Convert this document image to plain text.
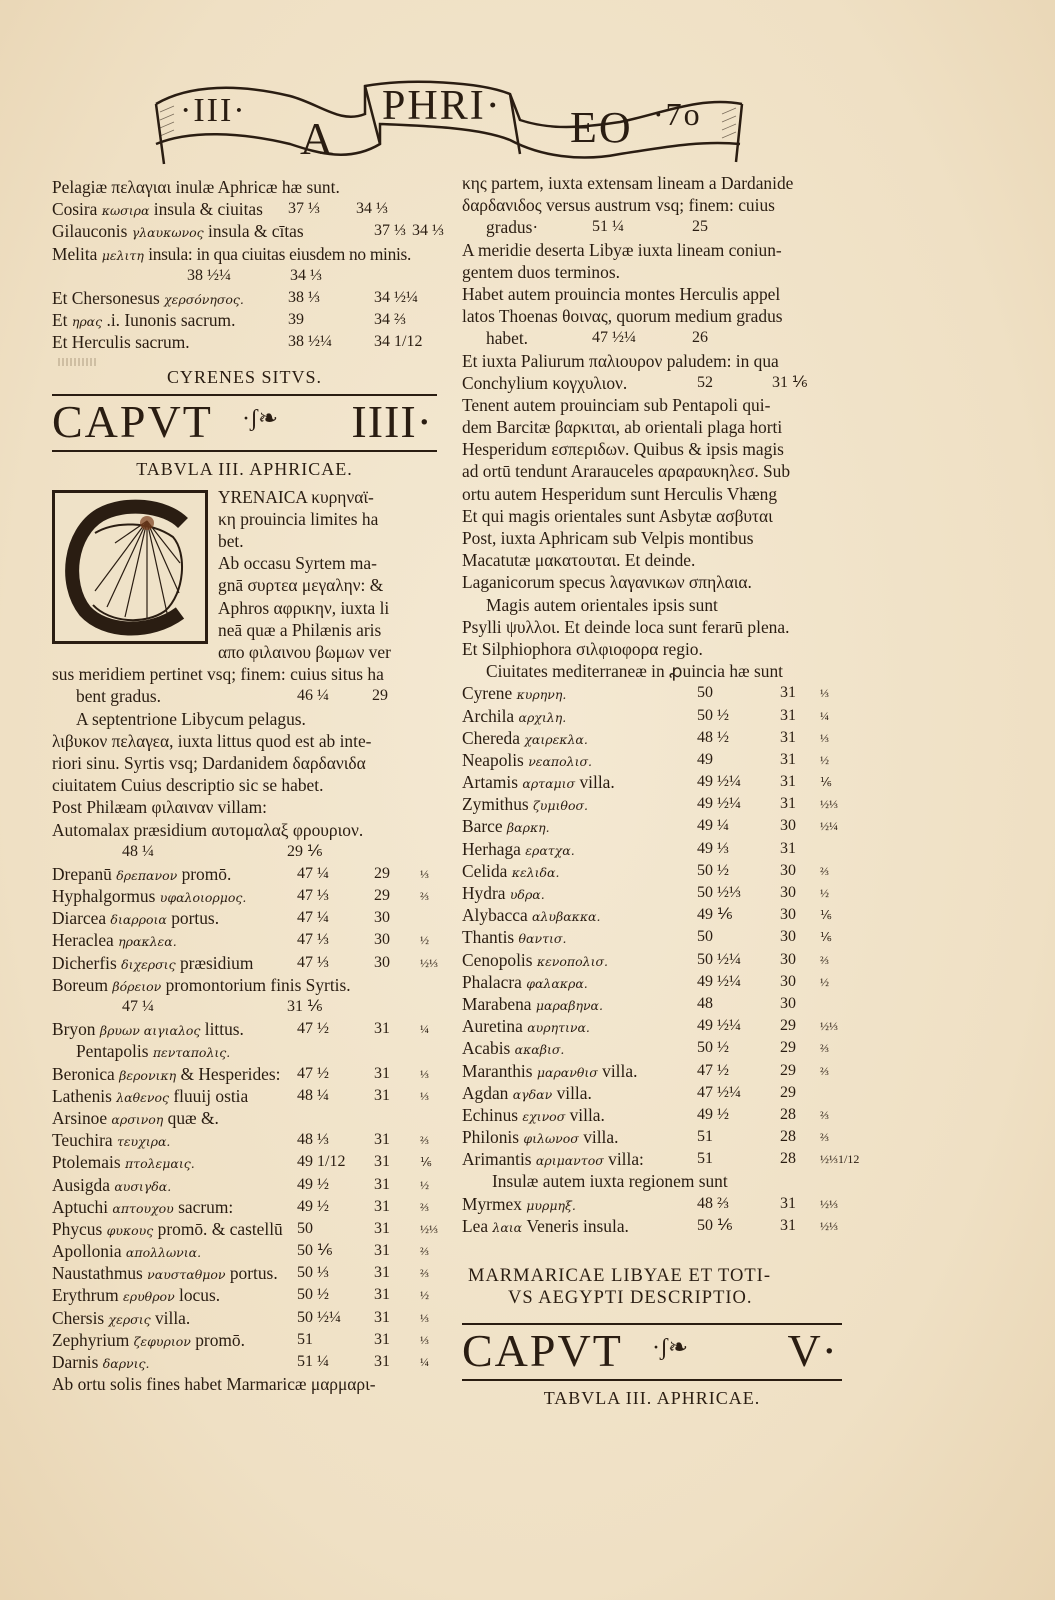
·III·
A
PHRI· EO ·7o
Pelagiæ πελαγιαι inulæ Aphricæ hæ sunt.
Cosira κωσιρα insula & ciuitas 37 ⅓ 34 ⅓
Gilauconis γλαυκωνος insula & cītas	37 ⅓ 34 ⅓
Melita μελιτη insula: in qua ciuitas eiusdem no minis.
38 ½¼	34 ⅓
Et Chersonesus χερσόνησος.	38 ⅓	34 ½¼
Et ηρας .i. Iunonis sacrum.	39	34 ⅔
Et Herculis sacrum.	38 ½¼	34 1/12
CYRENES SITVS.
CAPVT ·ʃ❧ IIII·
TABVLA III. APHRICAE.
YRENAICA κυρηναϊ-
κη prouincia limites ha
bet.
Ab occasu Syrtem ma-
gnā συρτεα μεγαλην: &
Aphros αφρικην, iuxta li
neā quæ a Philænis aris
απο φιλαινου βωμων ver
sus meridiem pertinet vsq; finem: cuius situs ha
bent gradus.	46 ¼	29
A septentrione Libycum pelagus.
λιβυκον πελαγεα, iuxta littus quod est ab inte-
riori sinu. Syrtis vsq; Dardanidem δαρδανιδα
ciuitatem Cuius descriptio sic se habet.
Post Philæam φιλαιναν villam:
Automalax præsidium αυτομαλαξ φρουριον.
48 ¼	29 ⅙
Drepanū δρεπανον promō.	47 ¼	29	⅓
Hyphalgormus υφαλοιορμος.	47 ⅓	29	⅔
Diarcea διαρροια portus.	47 ¼	30
Heraclea ηρακλεα.	47 ⅓	30	½
Dicherfis διχερσις præsidium	47 ⅓	30	½⅓
Boreum βόρειον promontorium finis Syrtis.
47 ¼	31 ⅙
Bryon βρυων αιγιαλος littus.	47 ½	31	¼
Pentapolis πενταπολις.
Beronica βερονικη & Hesperides: 47 ½	31	⅓
Lathenis λαθενος fluuij ostia	48 ¼	31	⅓
Arsinoe αρσινοη quæ &.
Teuchira τευχιρα.	48 ⅓	31	⅔
Ptolemais πτολεμαις.	49 1/12 31	⅙
Ausigda αυσιγδα.	49 ½	31	½
Aptuchi απτουχου sacrum:	49 ½	31	⅔
Phycus φυκους promō. & castellū 50	31	½⅓
Apollonia απολλωνια.	50 ⅙	31	⅔
Naustathmus ναυσταθμον portus. 50 ⅓	31	⅔
Erythrum ερυθρον locus.	50 ½	31	½
Chersis χερσις villa.	50 ½¼ 31	⅓
Zephyrium ζεφυριον promō.	51	31	⅓
Darnis δαρνις.	51 ¼	31	¼
Ab ortu solis fines habet Marmaricæ μαρμαρι-
κης partem, iuxta extensam lineam a Dardanide
δαρδανιδος versus austrum vsq; finem: cuius
gradus·	51 ¼	25
A meridie deserta Libyæ iuxta lineam coniun-
gentem duos terminos.
Habet autem prouincia montes Herculis appel
latos Thoenas θοινας, quorum medium gradus
habet.	47 ½¼	26
Et iuxta Paliurum παλιουρον paludem: in qua
Conchylium κογχυλιον.	52	31 ⅙
Tenent autem prouinciam sub Pentapoli qui-
dem Barcitæ βαρκιται, ab orientali plaga horti
Hesperidum εσπεριδων. Quibus & ipsis magis
ad ortū tendunt Ararauceles αραραυκηλεσ. Sub
ortu autem Hesperidum sunt Herculis Vhæng
Et qui magis orientales sunt Asbytæ ασβυται
Post, iuxta Aphricam sub Velpis montibus
Macatutæ μακατουται. Et deinde.
Laganicorum specus λαγανικων σπηλαια.
Magis autem orientales ipsis sunt
Psylli ψυλλοι. Et deinde loca sunt ferarū plena.
Et Silphiophora σιλφιοφορα regio.
Ciuitates mediterraneæ in ꝓuincia hæ sunt
Cyrene κυρηνη.	50	31 ⅓
Archila αρχιλη.	50 ½	31 ¼
Chereda χαιρεκλα.	48 ½	31 ⅓
Neapolis νεαπολισ.	49	31 ½
Artamis αρταμισ villa.	49 ½¼ 31 ⅙
Zymithus ζυμιθοσ.	49 ½¼ 31 ½⅓
Barce βαρκη.	49 ¼	30 ½¼
Herhaga ερατχα.	49 ⅓	31
Celida κελιδα.	50 ½	30 ⅔
Hydra υδρα.	50 ½⅓ 30 ½
Alybacca αλυβακκα.	49 ⅙	30 ⅙
Thantis θαντισ.	50	30 ⅙
Cenopolis κενοπολισ.	50 ½¼ 30 ⅔
Phalacra φαλακρα.	49 ½¼ 30 ½
Marabena μαραβηνα.	48	30
Auretina αυρητινα.	49 ½¼ 29 ½⅓
Acabis ακαβισ.	50 ½	29 ⅔
Maranthis μαρανθισ villa.	47 ½	29 ⅔
Agdan αγδαν villa.	47 ½¼ 29
Echinus εχινοσ villa.	49 ½	28 ⅔
Philonis φιλωνοσ villa.	51	28 ⅔
Arimantis αριμαντοσ villa:	51	28 ½⅓1/12
Insulæ autem iuxta regionem sunt
Myrmex μυρμηξ.	48 ⅔	31 ½⅓
Lea λαια Veneris insula.	50 ⅙	31 ½⅓
MARMARICAE LIBYAE ET TOTI-
VS AEGYPTI DESCRIPTIO.
CAPVT ·ʃ❧ V·
TABVLA III. APHRICAE.
